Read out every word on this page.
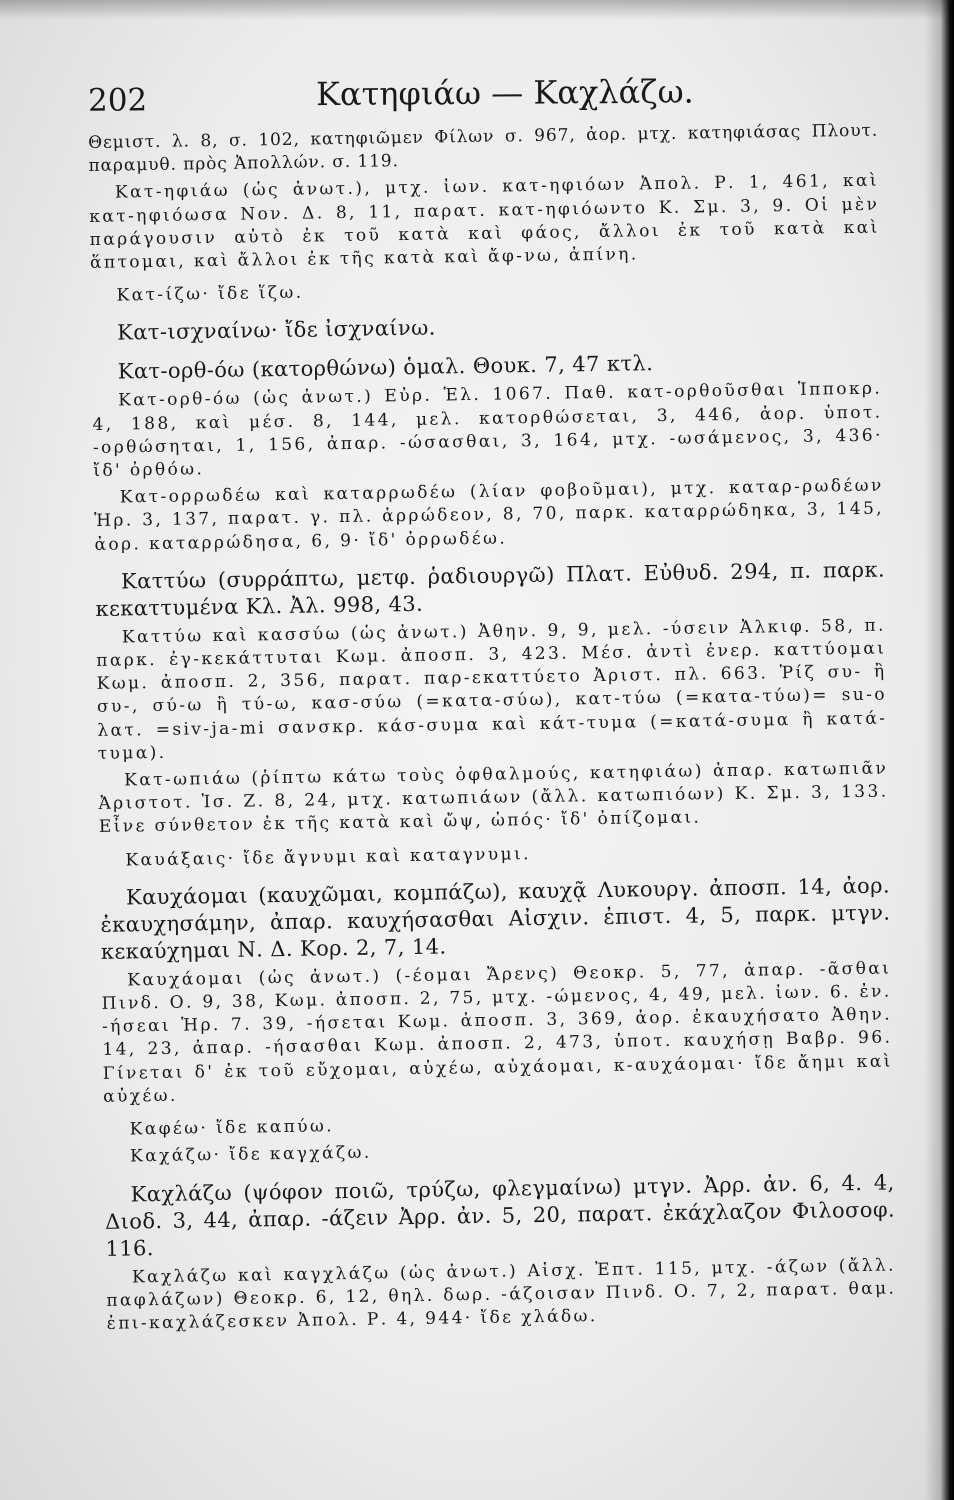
202	Κατηφιάω — Καχλάζω.

Θεμιστ. λ. 8, σ. 102, κατηφιῶμεν Φίλων σ. 967, ἀορ. μτχ. κατηφιάσας Πλουτ. παραμυθ. πρὸς Ἀπολλών. σ. 119.

Κατ-ηφιάω (ὡς ἀνωτ.), μτχ. ἰων. κατ-ηφιόων Ἀπολ. Ρ. 1, 461, καὶ κατ-ηφιόωσα Νον. Δ. 8, 11, παρατ. κατ-ηφιόωντο Κ. Σμ. 3, 9. Οἱ μὲν παράγουσιν αὐτὸ ἐκ τοῦ κατὰ καὶ φάος, ἄλλοι ἐκ τοῦ κατὰ καὶ ἅπτομαι, καὶ ἄλλοι ἐκ τῆς κατὰ καὶ ἄφ-νω, ἀπίνη.

Κατ-ίζω· ἴδε ἵζω.

Κατ-ισχναίνω· ἴδε ἰσχναίνω.

Κατ-ορθ-όω (κατορθώνω) ὁμαλ. Θουκ. 7, 47 κτλ.

Κατ-ορθ-όω (ὡς ἀνωτ.) Εὐρ. Ἑλ. 1067. Παθ. κατ-ορθοῦσθαι Ἱπποκρ. 4, 188, καὶ μέσ. 8, 144, μελ. κατορθώσεται, 3, 446, ἀορ. ὑποτ. -ορθώσηται, 1, 156, ἀπαρ. -ώσασθαι, 3, 164, μτχ. -ωσάμενος, 3, 436· ἴδ' ὀρθόω.

Κατ-ορρωδέω καὶ καταρρωδέω (λίαν φοβοῦμαι), μτχ. καταρ-ρωδέων Ἡρ. 3, 137, παρατ. γ. πλ. ἀρρώδεον, 8, 70, παρκ. καταρρώδηκα, 3, 145, ἀορ. καταρρώδησα, 6, 9· ἴδ' ὀρρωδέω.

Καττύω (συρράπτω, μετφ. ῥαδιουργῶ) Πλατ. Εὐθυδ. 294, π. παρκ. κεκαττυμένα Κλ. Ἀλ. 998, 43.

Καττύω καὶ κασσύω (ὡς ἀνωτ.) Ἀθην. 9, 9, μελ. -ύσειν Ἀλκιφ. 58, π. παρκ. ἐγ-κεκάττυται Κωμ. ἀποσπ. 3, 423. Μέσ. ἀντὶ ἐνερ. καττύομαι Κωμ. ἀποσπ. 2, 356, παρατ. παρ-εκαττύετο Ἀριστ. πλ. 663. Ῥίζ συ- ἢ συ-, σύ-ω ἢ τύ-ω, κασ-σύω (=κατα-σύω), κατ-τύω (=κατα-τύω)= su-o λατ. =siv-ja-mi σανσκρ. κάσ-συμα καὶ κάτ-τυμα (=κατά-συμα ἢ κατά-τυμα).

Κατ-ωπιάω (ῥίπτω κάτω τοὺς ὀφθαλμούς, κατηφιάω) ἀπαρ. κατωπιᾶν Ἀριστοτ. Ἱσ. Ζ. 8, 24, μτχ. κατωπιάων (ἄλλ. κατωπιόων) Κ. Σμ. 3, 133. Εἶνε σύνθετον ἐκ τῆς κατὰ καὶ ὤψ, ὠπός· ἴδ' ὀπίζομαι.

Καυάξαις· ἴδε ἄγνυμι καὶ καταγνυμι.

Καυχάομαι (καυχῶμαι, κομπάζω), καυχᾷ Λυκουργ. ἀποσπ. 14, ἀορ. ἐκαυχησάμην, ἀπαρ. καυχήσασθαι Αἰσχιν. ἐπιστ. 4, 5, παρκ. μτγν. κεκαύχημαι Ν. Δ. Κορ. 2, 7, 14.

Καυχάομαι (ὡς ἀνωτ.) (-έομαι Ἄρενς) Θεοκρ. 5, 77, ἀπαρ. -ᾶσθαι Πινδ. Ο. 9, 38, Κωμ. ἀποσπ. 2, 75, μτχ. -ώμενος, 4, 49, μελ. ἰων. 6. ἐν. -ήσεαι Ἡρ. 7. 39, -ήσεται Κωμ. ἀποσπ. 3, 369, ἀορ. ἐκαυχήσατο Ἀθην. 14, 23, ἀπαρ. -ήσασθαι Κωμ. ἀποσπ. 2, 473, ὑποτ. καυχήσῃ Βαβρ. 96. Γίνεται δ' ἐκ τοῦ εὔχομαι, αὐχέω, αὐχάομαι, κ-αυχάομαι· ἴδε ἄημι καὶ αὐχέω.

Καφέω· ἴδε καπύω.

Καχάζω· ἴδε καγχάζω.

Καχλάζω (ψόφον ποιῶ, τρύζω, φλεγμαίνω) μτγν. Ἀρρ. ἀν. 6, 4. 4, Διοδ. 3, 44, ἀπαρ. -άζειν Ἀρρ. ἀν. 5, 20, παρατ. ἐκάχλαζον Φιλοσοφ. 116.

Καχλάζω καὶ καγχλάζω (ὡς ἀνωτ.) Αἰσχ. Ἐπτ. 115, μτχ. -άζων (ἄλλ. παφλάζων) Θεοκρ. 6, 12, θηλ. δωρ. -άζοισαν Πινδ. Ο. 7, 2, παρατ. θαμ. ἐπι-καχλάζεσκεν Ἀπολ. Ρ. 4, 944· ἴδε χλάδω.
